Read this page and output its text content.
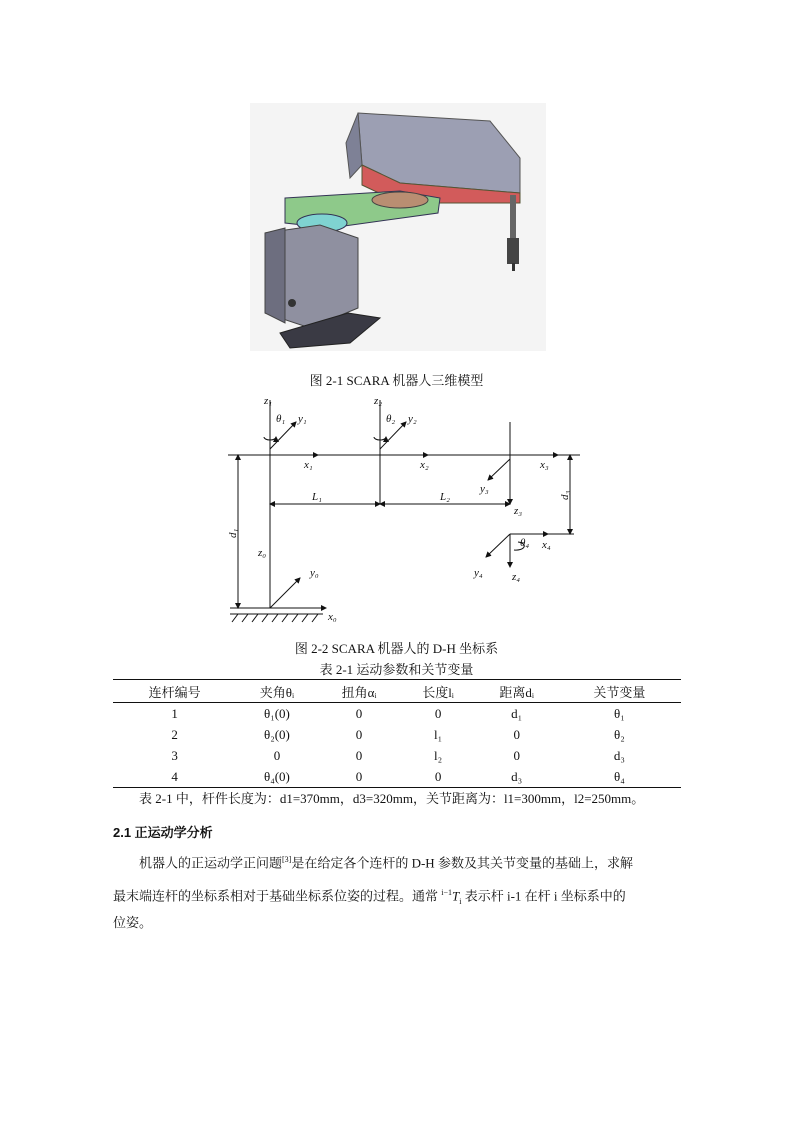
图 2-1 SCARA 机器人三维模型
z₁
θ₁ y₁
x₁
z₂
θ₂ y₂
x₂	x₃
y₃
z₃
d₃
L₁	L₂
d₁
z₀
y₀
x₀
θ₄ x₄
y₄	z₄
图 2-2 SCARA 机器人的 D-H 坐标系
表 2-1 运动参数和关节变量
连杆编号	夹角θᵢ	扭角αᵢ	长度lᵢ	距离dᵢ	关节变量
1	θ₁(0)	0	0	d₁	θ₁
2	θ₂(0)	0	l₁	0	θ₂
3	0	0	l₂	0	d₃
4	θ₄(0)	0	0	d₃	θ₄
表 2-1 中，杆件长度为：d1=370mm，d3=320mm，关节距离为：l1=300mm，l2=250mm。
2.1 正运动学分析
机器人的正运动学正问题[3]是在给定各个连杆的 D-H 参数及其关节变量的基础上，求解
最末端连杆的坐标系相对于基础坐标系位姿的过程。通常 $^{i-1}T_i$ 表示杆 i-1 在杆 i 坐标系中的
位姿。
